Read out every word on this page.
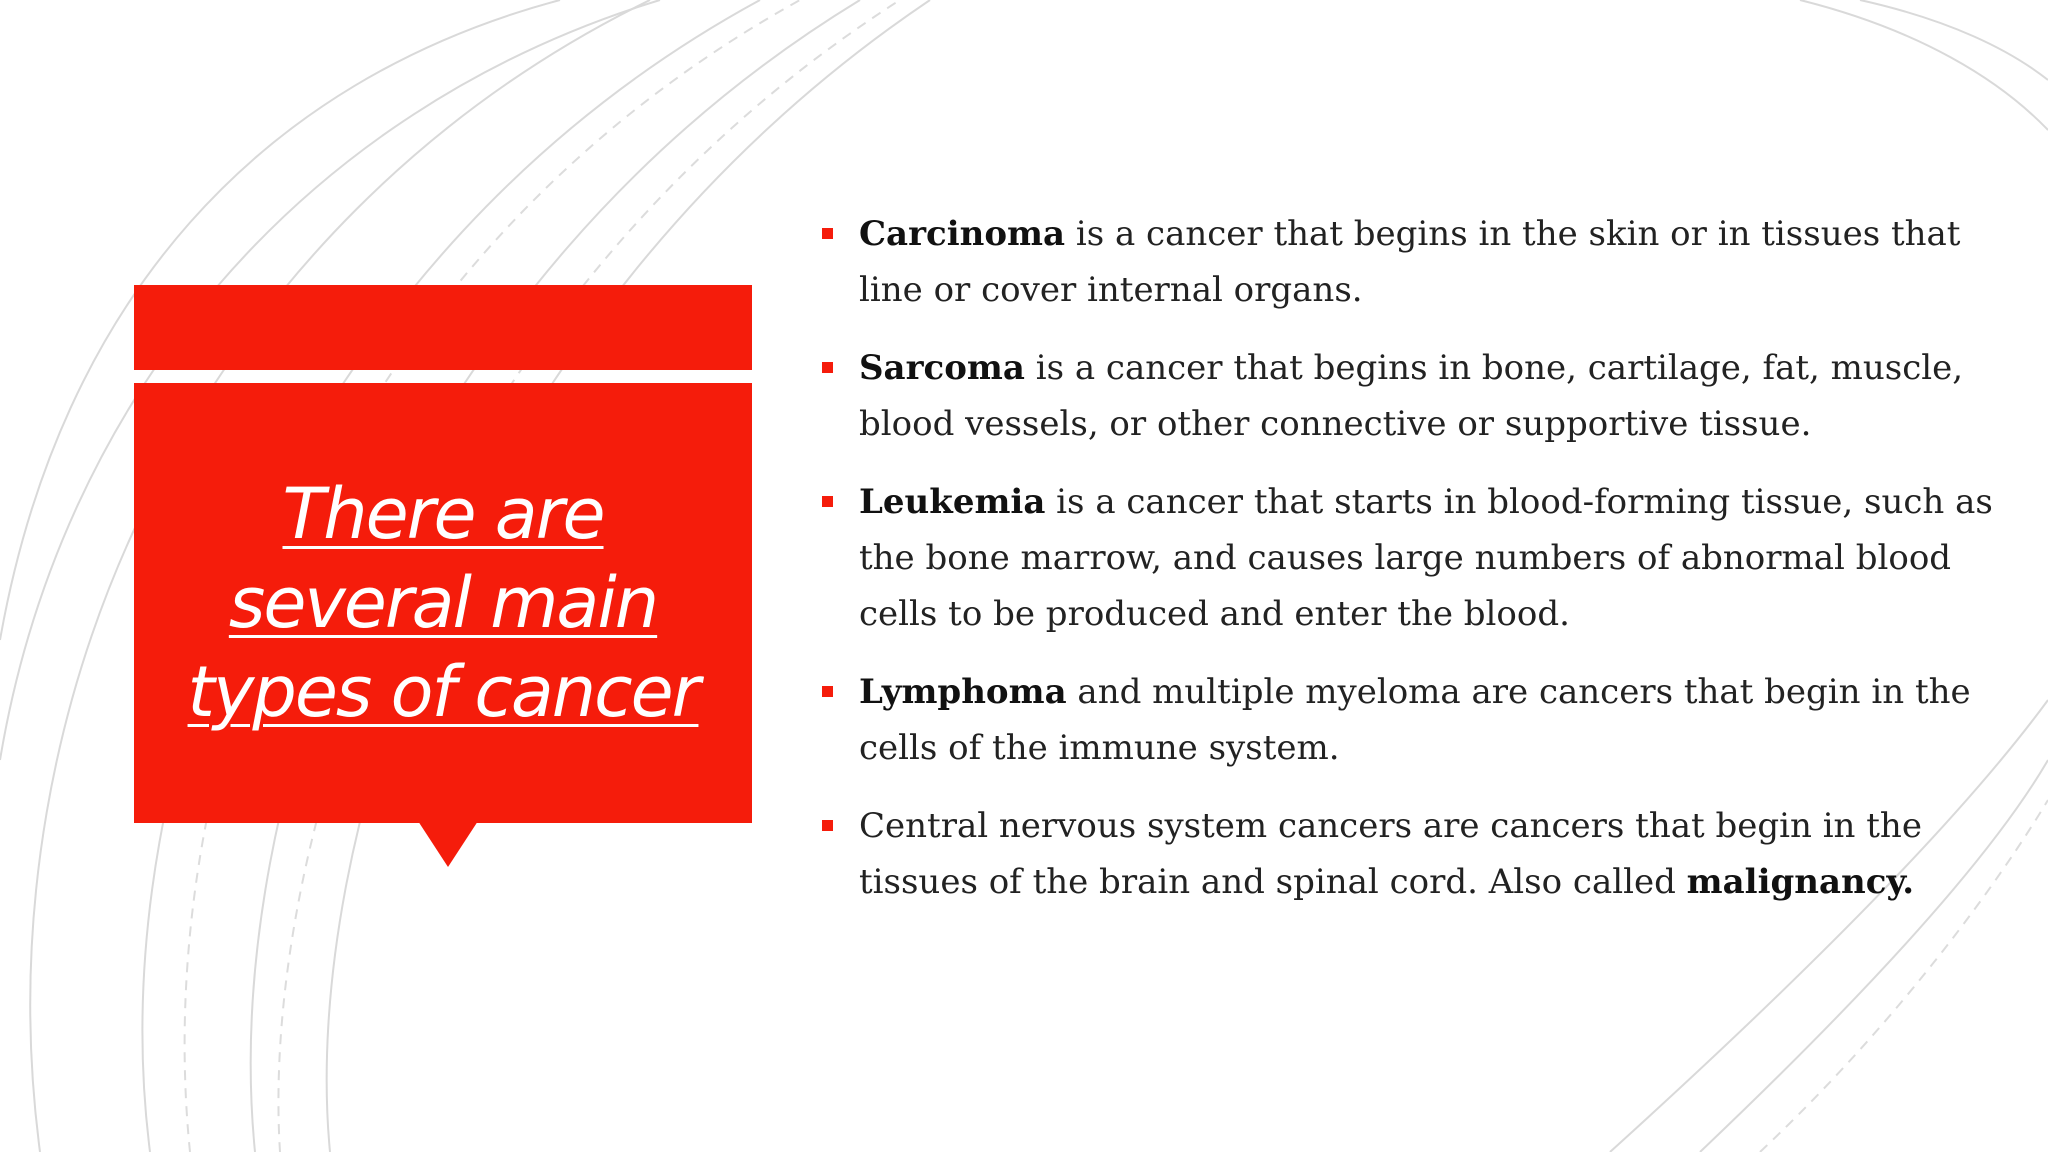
There are several main types of cancer
Carcinoma is a cancer that begins in the skin or in tissues that line or cover internal organs.
Sarcoma is a cancer that begins in bone, cartilage, fat, muscle, blood vessels, or other connective or supportive tissue.
Leukemia is a cancer that starts in blood-forming tissue, such as the bone marrow, and causes large numbers of abnormal blood cells to be produced and enter the blood.
Lymphoma and multiple myeloma are cancers that begin in the cells of the immune system.
Central nervous system cancers are cancers that begin in the tissues of the brain and spinal cord. Also called malignancy.
